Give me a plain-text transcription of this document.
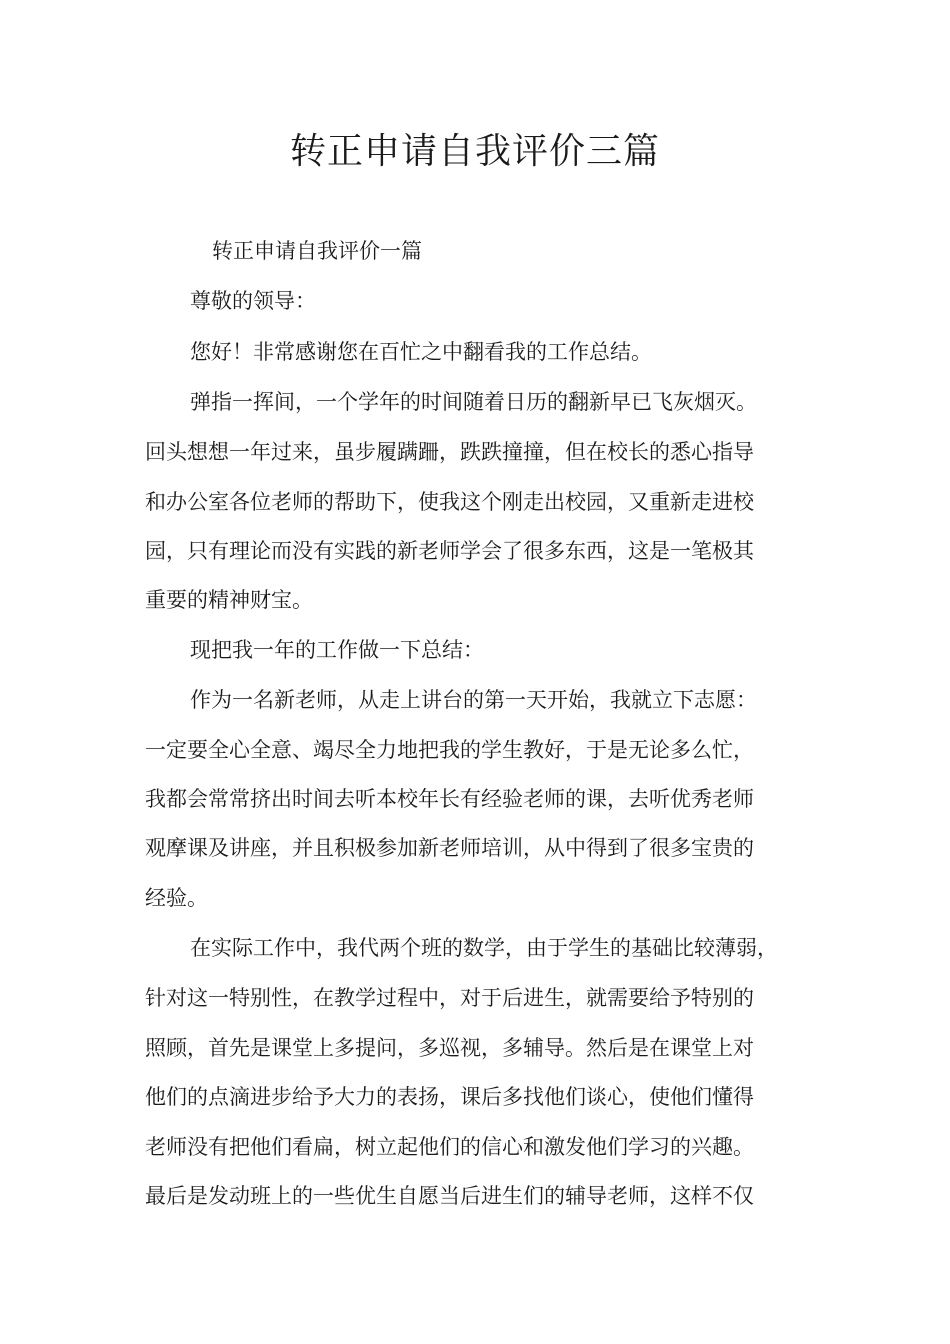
转正申请自我评价三篇

转正申请自我评价一篇

尊敬的领导：

您好！非常感谢您在百忙之中翻看我的工作总结。

弹指一挥间，一个学年的时间随着日历的翻新早已飞灰烟灭。

回头想想一年过来，虽步履蹒跚，跌跌撞撞，但在校长的悉心指导

和办公室各位老师的帮助下，使我这个刚走出校园，又重新走进校

园，只有理论而没有实践的新老师学会了很多东西，这是一笔极其

重要的精神财宝。

现把我一年的工作做一下总结：

作为一名新老师，从走上讲台的第一天开始，我就立下志愿：

一定要全心全意、竭尽全力地把我的学生教好，于是无论多么忙，

我都会常常挤出时间去听本校年长有经验老师的课，去听优秀老师

观摩课及讲座，并且积极参加新老师培训，从中得到了很多宝贵的

经验。

在实际工作中，我代两个班的数学，由于学生的基础比较薄弱，

针对这一特别性，在教学过程中，对于后进生，就需要给予特别的

照顾，首先是课堂上多提问，多巡视，多辅导。然后是在课堂上对

他们的点滴进步给予大力的表扬，课后多找他们谈心，使他们懂得

老师没有把他们看扁，树立起他们的信心和激发他们学习的兴趣。

最后是发动班上的一些优生自愿当后进生们的辅导老师，这样不仅
